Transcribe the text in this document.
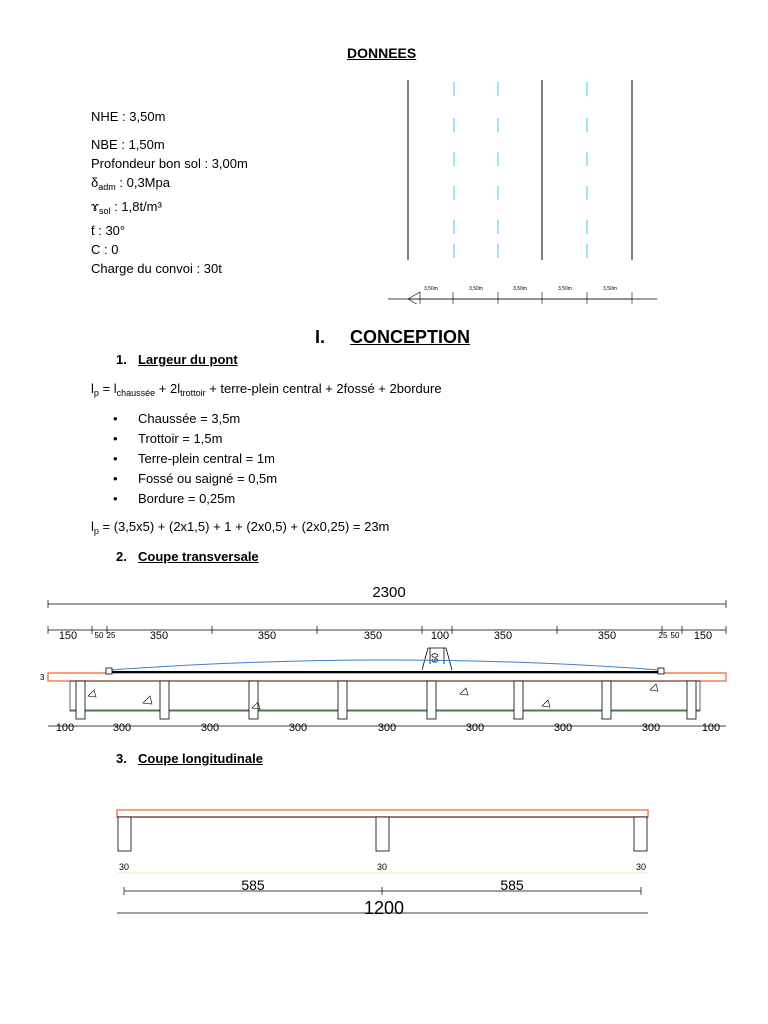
DONNEES
NHE : 3,50m
NBE : 1,50m
Profondeur bon sol : 3,00m
$\delta_{adm}$ : 0,3Mpa
ɤ$_{sol}$ : 1,8t/m³
ƭ : 30°
C : 0
Charge du convoi : 30t
3,50m	3,50m	3,50m	3,50m	3,50m
I. CONCEPTION
1. Largeur du pont
$l_p = l_{chaussée} + 2l_{trottoir}$ + terre-plein central + 2fossé + 2bordure
• Chaussée = 3,5m
• Trottoir = 1,5m
• Terre-plein central = 1m
• Fossé ou saigné = 0,5m
• Bordure = 0,25m
$l_p = (3,5x5) + (2x1,5) + 1 + (2x0,5) + (2x0,25) = 23m$
2. Coupe transversale
2300
150 50 25	350	350	350	100	350	350	25 50 150
60
3
100	300	300	300	300	300	300	300	100
3. Coupe longitudinale
30	30	30
585	585
1200
